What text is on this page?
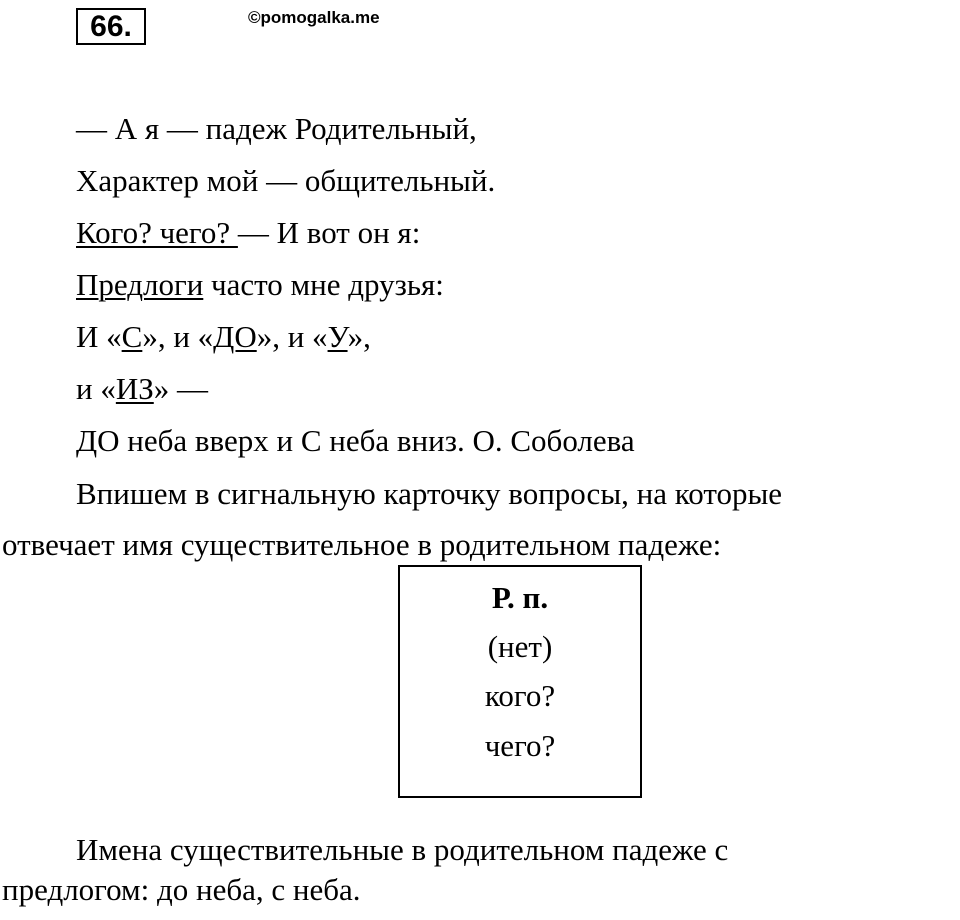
66.	©pomogalka.me
— А я — падеж Родительный,
Характер мой — общительный.
Кого? чего? — И вот он я:
Предлоги часто мне друзья:
И «С», и «ДО», и «У»,
и «ИЗ» —
ДО неба вверх и С неба вниз. О. Соболева
Впишем в сигнальную карточку вопросы, на которые
отвечает имя существительное в родительном падеже:
Р. п.
(нет)
кого?
чего?
Имена существительные в родительном падеже с
предлогом: до неба, с неба.
